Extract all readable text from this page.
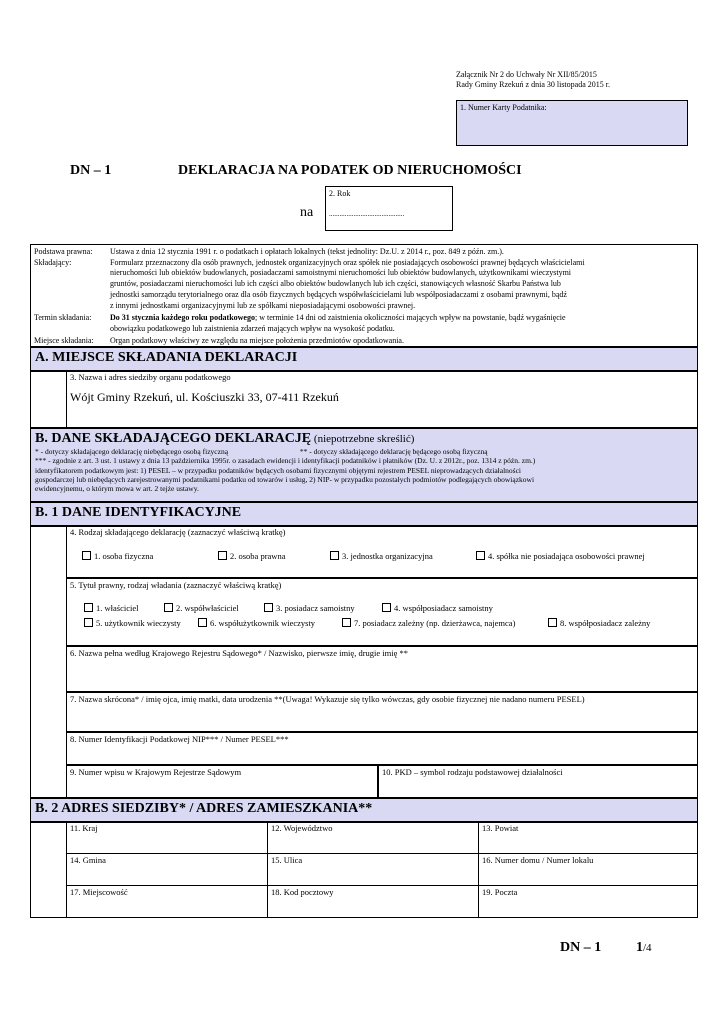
Załącznik Nr 2 do Uchwały Nr XII/85/2015
Rady Gminy Rzekuń z dnia 30 listopada 2015 r.
1. Numer Karty Podatnika:
DN – 1	DEKLARACJA NA PODATEK OD NIERUCHOMOŚCI
na
2. Rok
...........................................
Podstawa prawna: Ustawa z dnia 12 stycznia 1991 r. o podatkach i opłatach lokalnych (tekst jednolity: Dz.U. z 2014 r., poz. 849 z późn. zm.).
Składający:	Formularz przeznaczony dla osób prawnych, jednostek organizacyjnych oraz spółek nie posiadających osobowości prawnej będących właścicielami
nieruchomości lub obiektów budowlanych, posiadaczami samoistnymi nieruchomości lub obiektów budowlanych, użytkownikami wieczystymi
gruntów, posiadaczami nieruchomości lub ich części albo obiektów budowlanych lub ich części, stanowiących własność Skarbu Państwa lub
jednostki samorządu terytorialnego oraz dla osób fizycznych będących współwłaścicielami lub współposiadaczami z osobami prawnymi, bądź
z innymi jednostkami organizacyjnymi lub ze spółkami nieposiadającymi osobowości prawnej.
Termin składania: Do 31 stycznia każdego roku podatkowego; w terminie 14 dni od zaistnienia okoliczności mających wpływ na powstanie, bądź wygaśnięcie
obowiązku podatkowego lub zaistnienia zdarzeń mających wpływ na wysokość podatku.
Miejsce składania: Organ podatkowy właściwy ze względu na miejsce położenia przedmiotów opodatkowania.
A. MIEJSCE SKŁADANIA DEKLARACJI
3. Nazwa i adres siedziby organu podatkowego
Wójt Gminy Rzekuń, ul. Kościuszki 33, 07-411 Rzekuń
B. DANE SKŁADAJĄCEGO DEKLARACJĘ (niepotrzebne skreślić)
* - dotyczy składającego deklarację niebędącego osobą fizyczną	** - dotyczy składającego deklarację będącego osobą fizyczną
*** - zgodnie z art. 3 ust. 1 ustawy z dnia 13 października 1995r. o zasadach ewidencji i identyfikacji podatników i płatników (Dz. U. z 2012r., poz. 1314 z późn. zm.)
identyfikatorem podatkowym jest: 1) PESEL – w przypadku podatników będących osobami fizycznymi objętymi rejestrem PESEL nieprowadzących działalności
gospodarczej lub niebędących zarejestrowanymi podatnikami podatku od towarów i usług, 2) NIP- w przypadku pozostałych podmiotów podlegających obowiązkowi
ewidencyjnemu, o którym mowa w art. 2 tejże ustawy.
B. 1 DANE IDENTYFIKACYJNE
4. Rodzaj składającego deklarację (zaznaczyć właściwą kratkę)
1. osoba fizyczna	2. osoba prawna	3. jednostka organizacyjna	4. spółka nie posiadająca osobowości prawnej
5. Tytuł prawny, rodzaj władania (zaznaczyć właściwą kratkę)
1. właściciel	2. współwłaściciel	3. posiadacz samoistny	4. współposiadacz samoistny
5. użytkownik wieczysty	6. współużytkownik wieczysty	7. posiadacz zależny (np. dzierżawca, najemca)	8. współposiadacz zależny
6. Nazwa pełna według Krajowego Rejestru Sądowego* / Nazwisko, pierwsze imię, drugie imię **
7. Nazwa skrócona* / imię ojca, imię matki, data urodzenia **(Uwaga! Wykazuje się tylko wówczas, gdy osobie fizycznej nie nadano numeru PESEL)
8. Numer Identyfikacji Podatkowej NIP*** / Numer PESEL***
9. Numer wpisu w Krajowym Rejestrze Sądowym	10. PKD – symbol rodzaju podstawowej działalności
B. 2 ADRES SIEDZIBY* / ADRES ZAMIESZKANIA**
11. Kraj	12. Województwo	13. Powiat
14. Gmina	15. Ulica	16. Numer domu / Numer lokalu
17. Miejscowość	18. Kod pocztowy	19. Poczta
DN – 1 1/4
